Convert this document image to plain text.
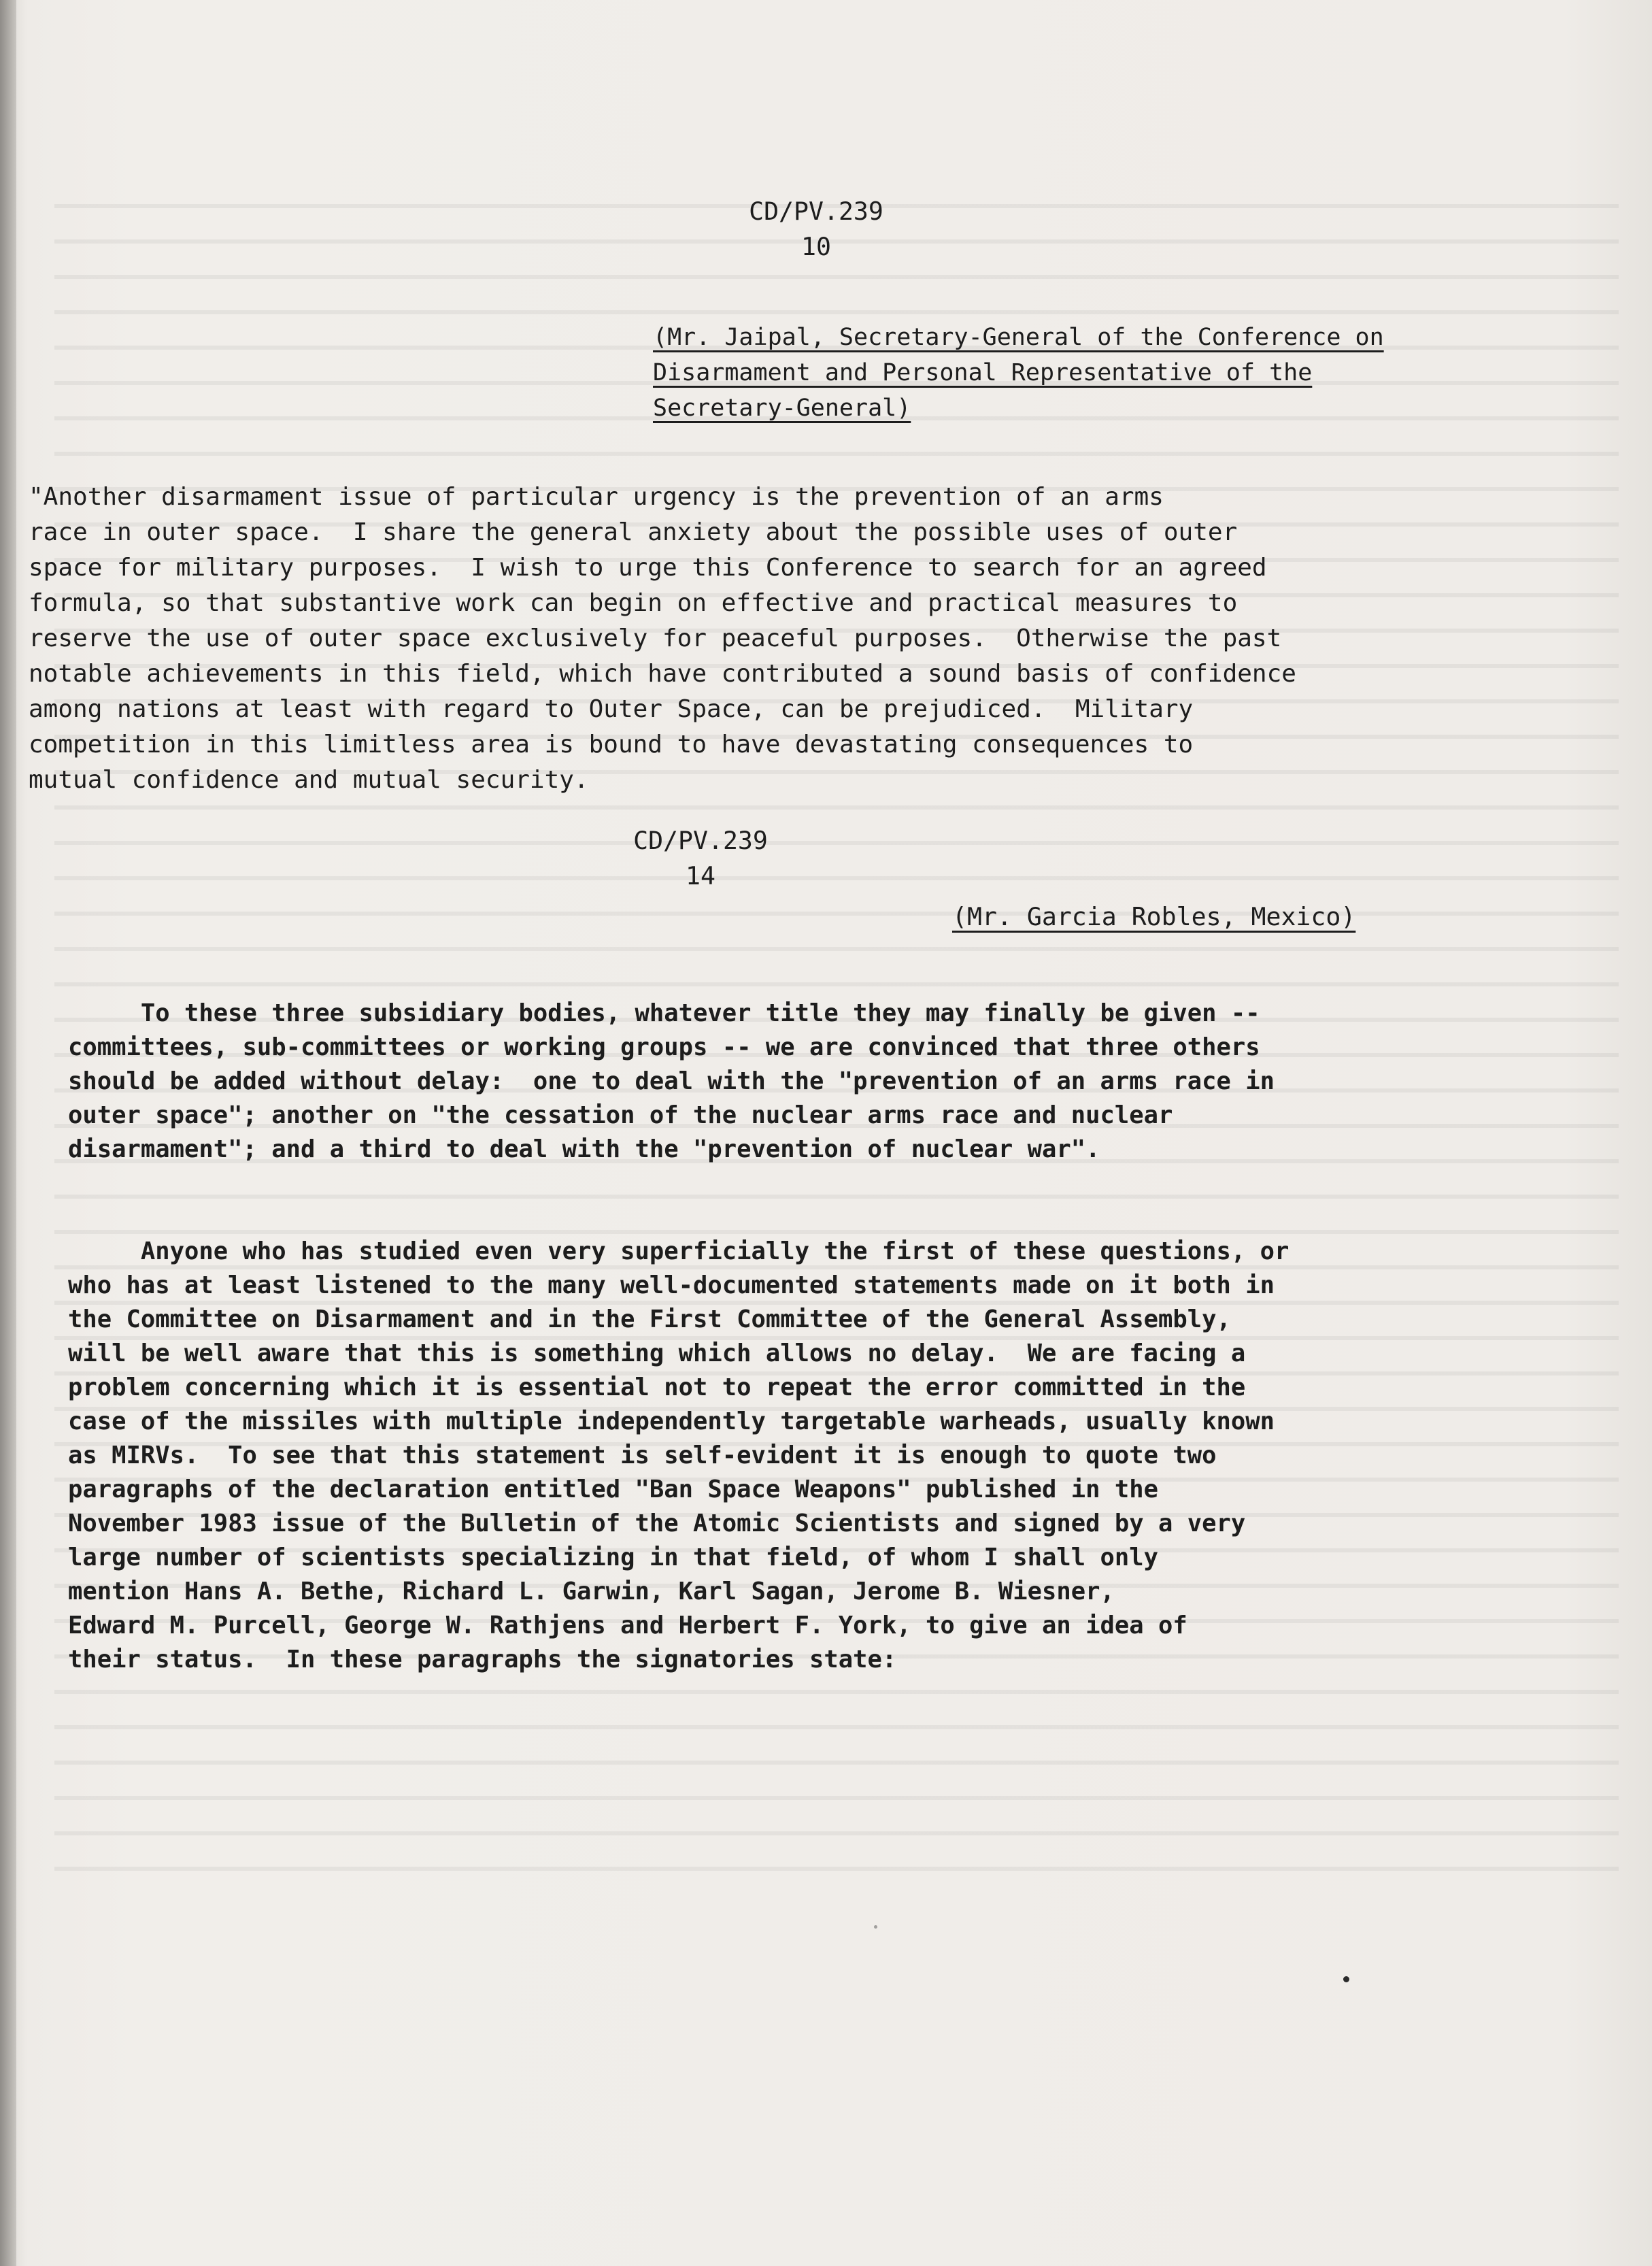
CD/PV.239
10
(Mr. Jaipal, Secretary-General of the Conference on
Disarmament and Personal Representative of the
Secretary-General)

"Another disarmament issue of particular urgency is the prevention of an arms

race in outer space.  I share the general anxiety about the possible uses of outer

space for military purposes.  I wish to urge this Conference to search for an agreed

formula, so that substantive work can begin on effective and practical measures to

reserve the use of outer space exclusively for peaceful purposes.  Otherwise the past

notable achievements in this field, which have contributed a sound basis of confidence

among nations at least with regard to Outer Space, can be prejudiced.  Military

competition in this limitless area is bound to have devastating consequences to

mutual confidence and mutual security.

CD/PV.239
14
(Mr. Garcia Robles, Mexico)

To these three subsidiary bodies, whatever title they may finally be given --

committees, sub-committees or working groups -- we are convinced that three others

should be added without delay:  one to deal with the "prevention of an arms race in

outer space"; another on "the cessation of the nuclear arms race and nuclear

disarmament"; and a third to deal with the "prevention of nuclear war".

Anyone who has studied even very superficially the first of these questions, or

who has at least listened to the many well-documented statements made on it both in

the Committee on Disarmament and in the First Committee of the General Assembly,

will be well aware that this is something which allows no delay.  We are facing a

problem concerning which it is essential not to repeat the error committed in the

case of the missiles with multiple independently targetable warheads, usually known

as MIRVs.  To see that this statement is self-evident it is enough to quote two

paragraphs of the declaration entitled "Ban Space Weapons" published in the

November 1983 issue of the Bulletin of the Atomic Scientists and signed by a very

large number of scientists specializing in that field, of whom I shall only

mention Hans A. Bethe, Richard L. Garwin, Karl Sagan, Jerome B. Wiesner,

Edward M. Purcell, George W. Rathjens and Herbert F. York, to give an idea of

their status.  In these paragraphs the signatories state:
